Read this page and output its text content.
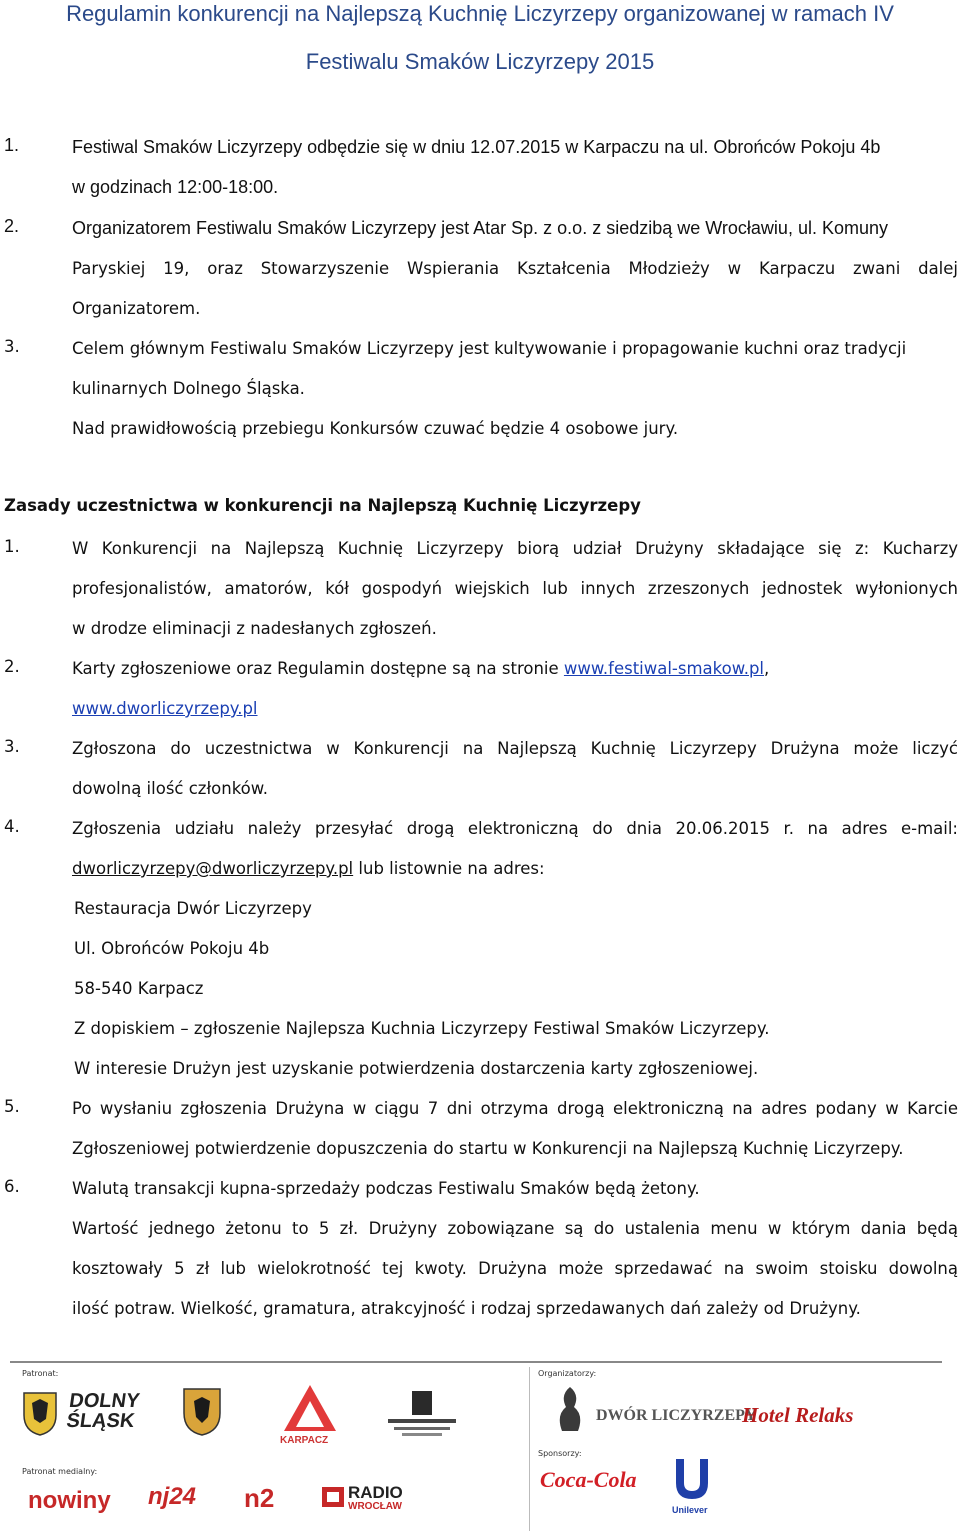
Regulamin konkurencji na Najlepszą Kuchnię Liczyrzepy organizowanej w ramach IV
Festiwalu Smaków Liczyrzepy 2015
1.	Festiwal Smaków Liczyrzepy odbędzie się w dniu 12.07.2015 w Karpaczu na ul. Obrońców Pokoju 4b
w godzinach 12:00-18:00.
2.	Organizatorem Festiwalu Smaków Liczyrzepy jest Atar Sp. z o.o. z siedzibą we Wrocławiu, ul. Komuny
Paryskiej 19, oraz Stowarzyszenie Wspierania Kształcenia Młodzieży w Karpaczu zwani dalej
Organizatorem.
3.	Celem głównym Festiwalu Smaków Liczyrzepy jest kultywowanie i propagowanie kuchni oraz tradycji
kulinarnych Dolnego Śląska.
Nad prawidłowością przebiegu Konkursów czuwać będzie 4 osobowe jury.
Zasady uczestnictwa w konkurencji na Najlepszą Kuchnię Liczyrzepy
1.	W Konkurencji na Najlepszą Kuchnię Liczyrzepy biorą udział Drużyny składające się z: Kucharzy
profesjonalistów, amatorów, kół gospodyń wiejskich lub innych zrzeszonych jednostek wyłonionych
w drodze eliminacji z nadesłanych zgłoszeń.
2.	Karty zgłoszeniowe oraz Regulamin dostępne są na stronie www.festiwal-smakow.pl,
www.dworliczyrzepy.pl
3.	Zgłoszona do uczestnictwa w Konkurencji na Najlepszą Kuchnię Liczyrzepy Drużyna może liczyć
dowolną ilość członków.
4.	Zgłoszenia udziału należy przesyłać drogą elektroniczną do dnia 20.06.2015 r. na adres e-mail:
dworliczyrzepy@dworliczyrzepy.pl lub listownie na adres:
Restauracja Dwór Liczyrzepy
Ul. Obrońców Pokoju 4b
58-540 Karpacz
Z dopiskiem – zgłoszenie Najlepsza Kuchnia Liczyrzepy Festiwal Smaków Liczyrzepy.
W interesie Drużyn jest uzyskanie potwierdzenia dostarczenia karty zgłoszeniowej.
5.	Po wysłaniu zgłoszenia Drużyna w ciągu 7 dni otrzyma drogą elektroniczną na adres podany w Karcie
Zgłoszeniowej potwierdzenie dopuszczenia do startu w Konkurencji na Najlepszą Kuchnię Liczyrzepy.
6.	Walutą transakcji kupna-sprzedaży podczas Festiwalu Smaków będą żetony.
Wartość jednego żetonu to 5 zł. Drużyny zobowiązane są do ustalenia menu w którym dania będą
kosztowały 5 zł lub wielokrotność tej kwoty. Drużyna może sprzedawać na swoim stoisku dowolną
ilość potraw. Wielkość, gramatura, atrakcyjność i rodzaj sprzedawanych dań zależy od Drużyny.
Patronat:
Patronat medialny:
Organizatorzy:
Sponsorzy:
DOLNY ŚLĄSK
KARPACZ
DWÓR LICZYRZEPY
Hotel Relaks
Coca-Cola
Unilever
nowiny nj24 n2	RADIO
WROCŁAW
